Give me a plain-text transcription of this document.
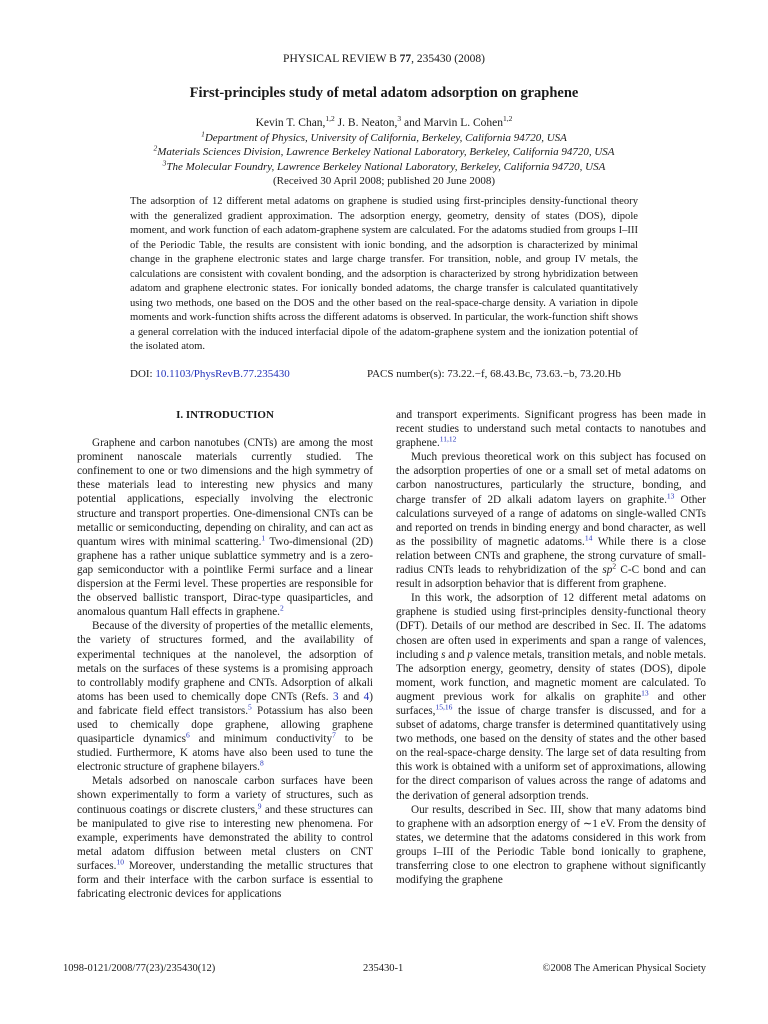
PHYSICAL REVIEW B 77, 235430 (2008)
First-principles study of metal adatom adsorption on graphene
Kevin T. Chan,$^{1,2}$ J. B. Neaton,$^3$ and Marvin L. Cohen$^{1,2}$
$^1$Department of Physics, University of California, Berkeley, California 94720, USA
$^2$Materials Sciences Division, Lawrence Berkeley National Laboratory, Berkeley, California 94720, USA
$^3$The Molecular Foundry, Lawrence Berkeley National Laboratory, Berkeley, California 94720, USA
(Received 30 April 2008; published 20 June 2008)
The adsorption of 12 different metal adatoms on graphene is studied using first-principles density-functional theory with the generalized gradient approximation. The adsorption energy, geometry, density of states (DOS), dipole moment, and work function of each adatom-graphene system are calculated. For the adatoms studied from groups I–III of the Periodic Table, the results are consistent with ionic bonding, and the adsorption is characterized by minimal change in the graphene electronic states and large charge transfer. For transition, noble, and group IV metals, the calculations are consistent with covalent bonding, and the adsorption is characterized by strong hybridization between adatom and graphene electronic states. For ionically bonded adatoms, the charge transfer is calculated quantitatively using two methods, one based on the DOS and the other based on the real-space-charge density. A variation in dipole moments and work-function shifts across the different adatoms is observed. In particular, the work-function shift shows a general correlation with the induced interfacial dipole of the adatom-graphene system and the ionization potential of the isolated atom.
DOI: 10.1103/PhysRevB.77.235430	PACS number(s): 73.22.−f, 68.43.Bc, 73.63.−b, 73.20.Hb
I. INTRODUCTION

Graphene and carbon nanotubes (CNTs) are among the most prominent nanoscale materials currently studied. The confinement to one or two dimensions and the high symmetry of these materials lead to interesting new physics and many potential applications, especially involving the electronic structure and transport properties. One-dimensional CNTs can be metallic or semiconducting, depending on chirality, and can act as quantum wires with minimal scattering.$^1$ Two-dimensional (2D) graphene has a rather unique sublattice symmetry and is a zero-gap semiconductor with a pointlike Fermi surface and a linear dispersion at the Fermi level. These properties are responsible for the observed ballistic transport, Dirac-type quasiparticles, and anomalous quantum Hall effects in graphene.$^2$

Because of the diversity of properties of the metallic elements, the variety of structures formed, and the availability of experimental techniques at the nanolevel, the adsorption of metals on the surfaces of these systems is a promising approach to controllably modify graphene and CNTs. Adsorption of alkali atoms has been used to chemically dope CNTs (Refs. 3 and 4) and fabricate field effect transistors.$^5$ Potassium has also been used to chemically dope graphene, allowing graphene quasiparticle dynamics$^6$ and minimum conductivity$^7$ to be studied. Furthermore, K atoms have also been used to tune the electronic structure of graphene bilayers.$^8$

Metals adsorbed on nanoscale carbon surfaces have been shown experimentally to form a variety of structures, such as continuous coatings or discrete clusters,$^9$ and these structures can be manipulated to give rise to interesting new phenomena. For example, experiments have demonstrated the ability to control metal adatom diffusion between metal clusters on CNT surfaces.$^{10}$ Moreover, understanding the metallic structures that form and their interface with the carbon surface is essential to fabricating electronic devices for applications

and transport experiments. Significant progress has been made in recent studies to understand such metal contacts to nanotubes and graphene.$^{11,12}$

Much previous theoretical work on this subject has focused on the adsorption properties of one or a small set of metal adatoms on carbon nanostructures, particularly the structure, bonding, and charge transfer of 2D alkali adatom layers on graphite.$^{13}$ Other calculations surveyed of a range of adatoms on single-walled CNTs and reported on trends in binding energy and bond character, as well as the possibility of magnetic adatoms.$^{14}$ While there is a close relation between CNTs and graphene, the strong curvature of small-radius CNTs leads to rehybridization of the $sp^2$ C-C bond and can result in adsorption behavior that is different from graphene.

In this work, the adsorption of 12 different metal adatoms on graphene is studied using first-principles density-functional theory (DFT). Details of our method are described in Sec. II. The adatoms chosen are often used in experiments and span a range of valences, including s and p valence metals, transition metals, and noble metals. The adsorption energy, geometry, density of states (DOS), dipole moment, work function, and magnetic moment are calculated. To augment previous work for alkalis on graphite$^{13}$ and other surfaces,$^{15,16}$ the issue of charge transfer is discussed, and for a subset of adatoms, charge transfer is determined quantitatively using two methods, one based on the density of states and the other based on the real-space-charge density. The large set of data resulting from this work is obtained with a uniform set of approximations, allowing for the direct comparison of values across the range of adatoms and the derivation of general adsorption trends.

Our results, described in Sec. III, show that many adatoms bind to graphene with an adsorption energy of ∼1 eV. From the density of states, we determine that the adatoms considered in this work from groups I–III of the Periodic Table bond ionically to graphene, transferring close to one electron to graphene without significantly modifying the graphene

1098-0121/2008/77(23)/235430(12)	235430-1	©2008 The American Physical Society
